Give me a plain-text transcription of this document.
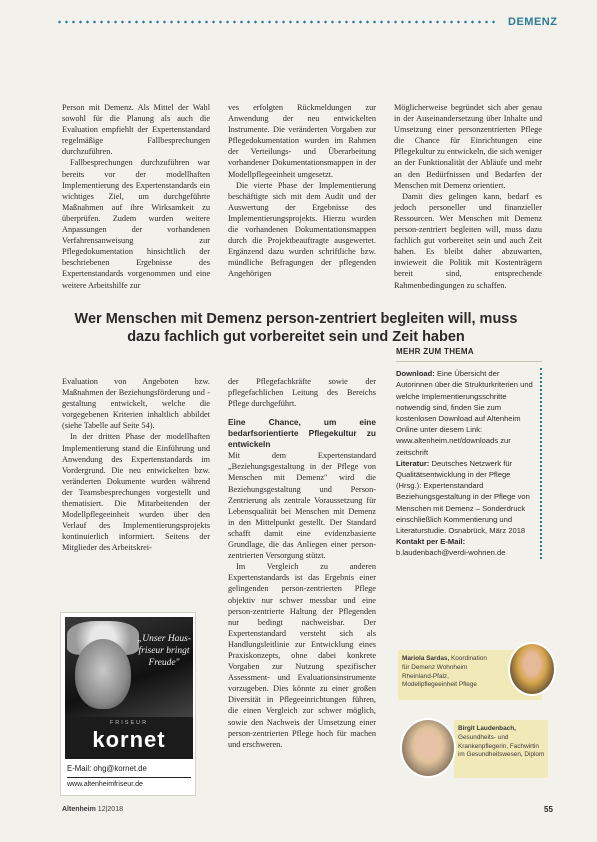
DEMENZ

Person mit Demenz. Als Mittel der Wahl sowohl für die Planung als auch die Evaluation empfiehlt der Expertenstandard regelmäßige Fallbesprechungen durchzuführen.

Fallbesprechungen durchzuführen war bereits vor der modellhaften Implementierung des Expertenstandards ein wichtiges Ziel, um durchgeführte Maßnahmen auf ihre Wirksamkeit zu überprüfen. Zudem wurden weitere Anpassungen der vorhandenen Verfahrensanweisung zur Pflegedokumentation hinsichtlich der beschriebenen Ergebnisse des Expertenstandards vorgenommen und eine weitere Arbeitshilfe zur

ves erfolgten Rückmeldungen zur Anwendung der neu entwickelten Instrumente. Die veränderten Vorgaben zur Pflegedokumentation wurden im Rahmen der Verteilungs- und Überarbeitung vorhandener Dokumentationsmappen in der Modellpflegeeinheit umgesetzt.

Die vierte Phase der Implementierung beschäftigte sich mit dem Audit und der Auswertung der Ergebnisse des Implementierungsprojekts. Hierzu wurden die vorhandenen Dokumentationsmappen durch die Projektbeauftragte ausgewertet. Ergänzend dazu wurden schriftliche bzw. mündliche Befragungen der pflegenden Angehörigen

Möglicherweise begründet sich aber genau in der Auseinandersetzung über Inhalte und Umsetzung einer personzentrierten Pflege die Chance für Einrichtungen eine Pflegekultur zu entwickeln, die sich weniger an der Funktionalität der Abläufe und mehr an den Bedürfnissen und Bedarfen der Menschen mit Demenz orientiert.

Damit dies gelingen kann, bedarf es jedoch personeller und finanzieller Ressourcen. Wer Menschen mit Demenz person-zentriert begleiten will, muss dazu fachlich gut vorbereitet sein und auch Zeit haben. Es bleibt daher abzuwarten, inwieweit die Politik mit Kostenträgern bereit sind, entsprechende Rahmenbedingungen zu schaffen.

Wer Menschen mit Demenz person-zentriert begleiten will, muss dazu fachlich gut vorbereitet sein und Zeit haben

Evaluation von Angeboten bzw. Maßnahmen der Beziehungsförderung und -gestaltung entwickelt, welche die vorgegebenen Kriterien inhaltlich abbildet (siehe Tabelle auf Seite 54).

In der dritten Phase der modellhaften Implementierung stand die Einführung und Anwendung des Expertenstandards im Vordergrund. Die neu entwickelten bzw. veränderten Dokumente wurden während der Teamsbesprechungen vorgestellt und thematisiert. Die Mitarbeitenden der Modellpflegeeinheit wurden über den Verlauf des Implementierungsprojekts kontinuierlich informiert. Seitens der Mitglieder des Arbeitskrei-

der Pflegefachkräfte sowie der pflegefachlichen Leitung des Bereichs Pflege durchgeführt.

Eine Chance, um eine bedarfsorientierte Pflegekultur zu entwickeln

Mit dem Expertenstandard „Beziehungsgestaltung in der Pflege von Menschen mit Demenz" wird die Beziehungsgestaltung und Person-Zentrierung als zentrale Voraussetzung für Lebensqualität bei Menschen mit Demenz in den Mittelpunkt gestellt. Der Standard schafft damit eine evidenzbasierte Grundlage, die das Anliegen einer person-zentrierten Versorgung stützt.

Im Vergleich zu anderen Expertenstandards ist das Ergebnis einer gelingenden person-zentrierten Pflege objektiv nur schwer messbar und eine person-zentrierte Haltung der Pflegenden nur bedingt nachweisbar. Der Expertenstandard versteht sich als Handlungsleitlinie zur Entwicklung eines Praxiskonzepts, ohne dabei konkrete Vorgaben zur Nutzung spezifischer Assessment- und Evaluationsinstrumente vorzugeben. Dies könnte zu einer großen Diversität in Pflegeeinrichtungen führen, die einen Vergleich zur schwer möglich, sowie den Nachweis der Umsetzung einer person-zentrierten Pflege hoch für machen und erschweren.

MEHR ZUM THEMA
Download: Eine Übersicht der Autorinnen über die Strukturkriterien und welche Implementierungsschritte notwendig sind, finden Sie zum kostenlosen Download auf Altenheim Online unter diesem Link: www.altenheim.net/downloads zur zeitschrift
Literatur: Deutsches Netzwerk für Qualitätsentwicklung in der Pflege (Hrsg.): Expertenstandard Beziehungsgestaltung in der Pflege von Menschen mit Demenz – Sonderdruck einschließlich Kommentierung und Literaturstudie. Osnabrück, März 2018
Kontakt per E-Mail: b.laudenbach@verdi-wohnen.de
„Unser Haus-friseur bringt Freude"
FRISEUR
kornet
E-Mail: ohg@kornet.de
www.altenheimfriseur.de
Mariola Sardas, Koordination für Demenz Wohnheim Rheinland-Pfalz, Modellpflegeeinheit Pflege
Birgit Laudenbach, Gesundheits- und Krankenpflegerin, Fachwirtin im Gesundheitswesen, Diplom
Altenheim 12|2018	55
